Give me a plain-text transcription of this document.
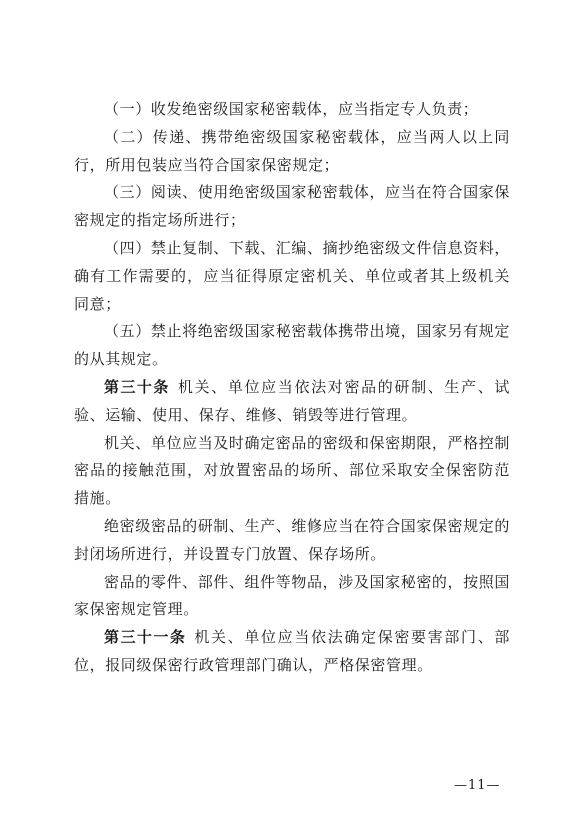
（一）收发绝密级国家秘密载体，应当指定专人负责；

（二）传递、携带绝密级国家秘密载体，应当两人以上同行，所用包装应当符合国家保密规定；

（三）阅读、使用绝密级国家秘密载体，应当在符合国家保密规定的指定场所进行；

（四）禁止复制、下载、汇编、摘抄绝密级文件信息资料，确有工作需要的，应当征得原定密机关、单位或者其上级机关同意；

（五）禁止将绝密级国家秘密载体携带出境，国家另有规定的从其规定。

第三十条 机关、单位应当依法对密品的研制、生产、试验、运输、使用、保存、维修、销毁等进行管理。

机关、单位应当及时确定密品的密级和保密期限，严格控制密品的接触范围，对放置密品的场所、部位采取安全保密防范措施。

绝密级密品的研制、生产、维修应当在符合国家保密规定的封闭场所进行，并设置专门放置、保存场所。

密品的零件、部件、组件等物品，涉及国家秘密的，按照国家保密规定管理。

第三十一条 机关、单位应当依法确定保密要害部门、部位，报同级保密行政管理部门确认，严格保密管理。

—11—
